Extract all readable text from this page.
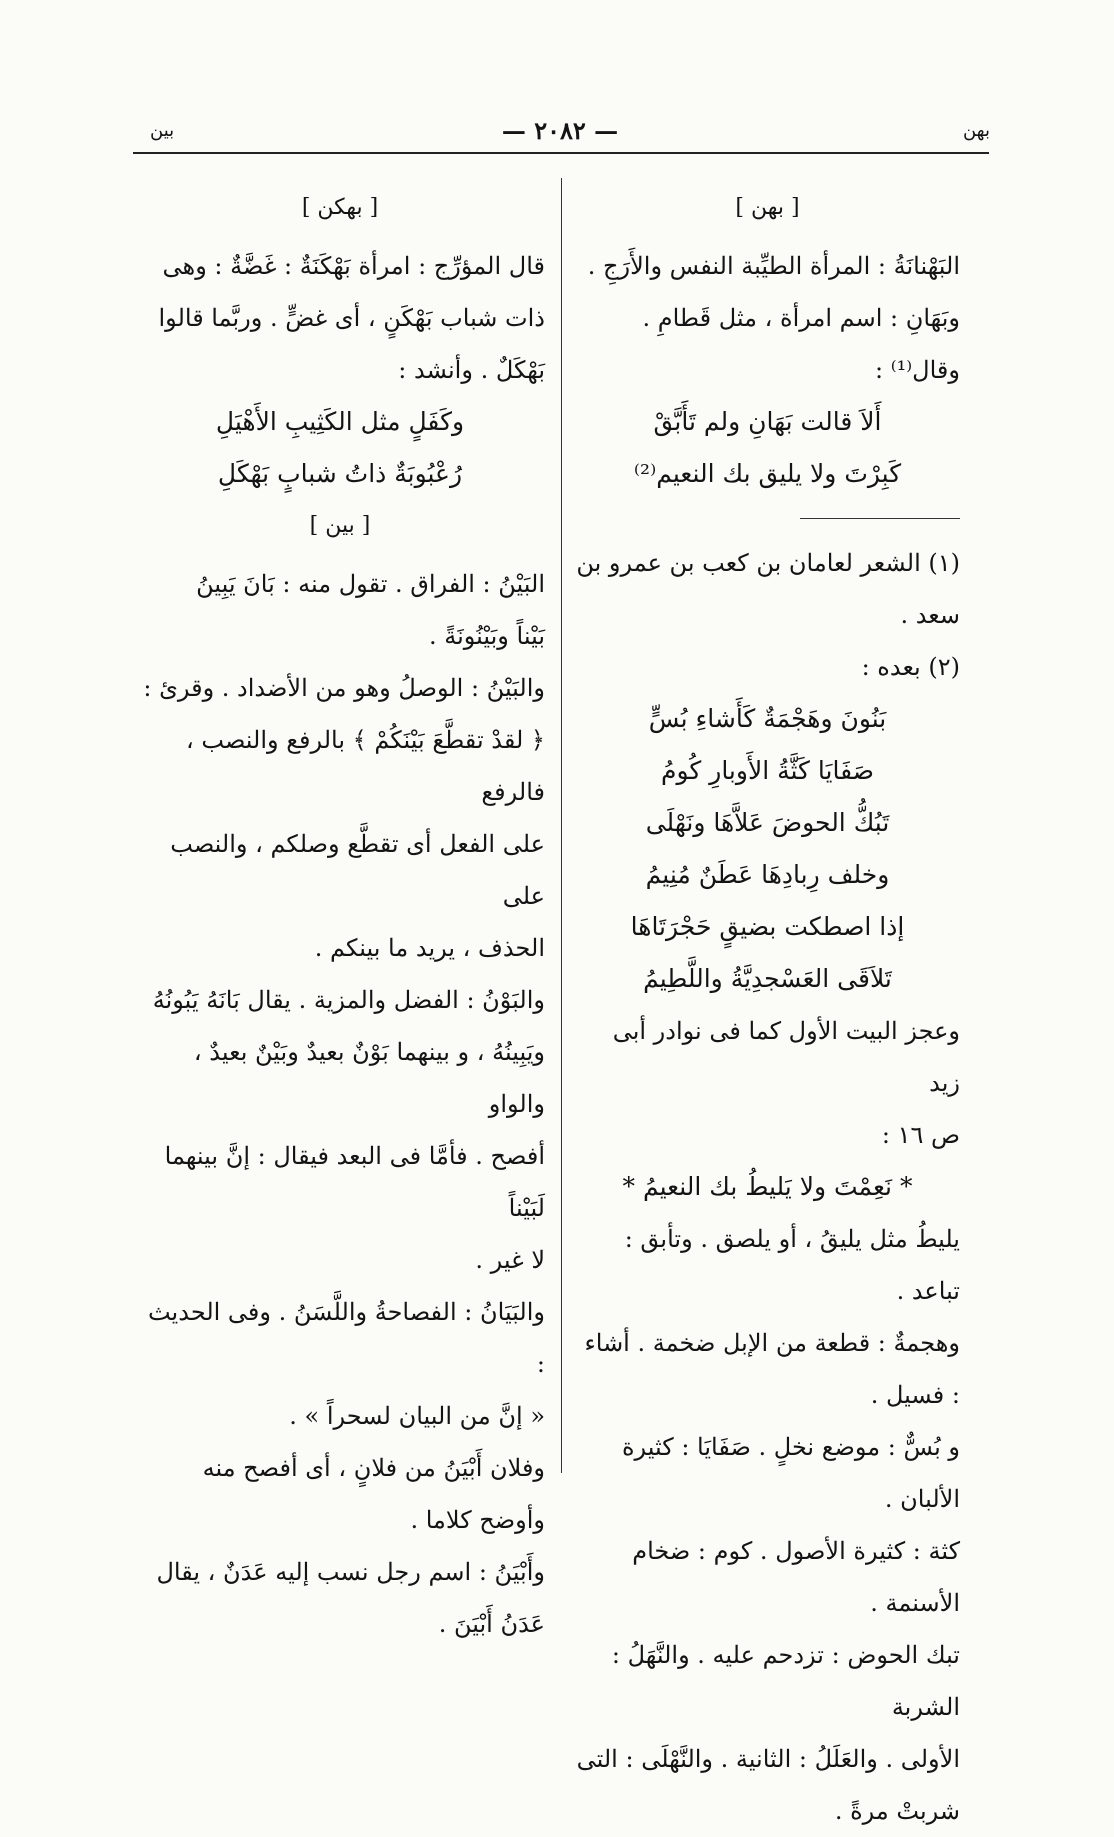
بهن
— ٢٠٨٢ —
بين
[ بهن ]

البَهْنانَةُ : المرأة الطيِّبة النفس والأَرَجِ .

وبَهَانِ : اسم امرأة ، مثل قَطامِ . وقال⁽¹⁾ :

أَلاَ قالت بَهَانِ ولم تَأَبَّقْ

كَبِرْتَ ولا يليق بك النعيم⁽²⁾

(١) الشعر لعامان بن كعب بن عمرو بن سعد .

(٢) بعده :

بَنُونَ وهَجْمَةٌ كَأَشاءِ بُسٍّ

صَفَايَا كَثَّةُ الأَوبارِ كُومُ

تَبُكُّ الحوضَ عَلاَّهَا ونَهْلَى

وخلف رِبادِهَا عَطَنٌ مُنِيمُ

إذا اصطكت بضيقٍ حَجْرَتَاهَا

تَلاَقَى العَسْجدِيَّةُ واللَّطِيمُ

وعجز البيت الأول كما فى نوادر أبى زيد

ص ١٦ :

* نَعِمْتَ ولا يَليطُ بك النعيمُ *

يليطُ مثل يليقُ ، أو يلصق . وتأبق : تباعد .

وهجمةٌ : قطعة من الإبل ضخمة . أشاء : فسيل .

و بُسٌّ : موضع نخلٍ . صَفَايَا : كثيرة الألبان .

كثة : كثيرة الأصول . كوم : ضخام الأسنمة .

تبك الحوض : تزدحم عليه . والنَّهَلُ : الشربة

الأولى . والعَلَلُ : الثانية . والنَّهْلَى : التى

شربتْ مرةً .

[ بهكن ]

قال المؤرِّج : امرأة بَهْكَنَةٌ : غَضَّةٌ : وهى

ذات شباب بَهْكَنٍ ، أى غضٍّ . وربَّما قالوا

بَهْكَلٌ . وأنشد :

وكَفَلٍ مثل الكَثِيبِ الأَهْيَلِ

رُعْبُوبَةٌ ذاتُ شبابٍ بَهْكَلِ

[ بين ]

البَيْنُ : الفراق . تقول منه : بَانَ يَبِينُ

بَيْناً وبَيْنُونَةً .

والبَيْنُ : الوصلُ وهو من الأضداد . وقرئ :

﴿ لقدْ تقطَّعَ بَيْنَكُمْ ﴾ بالرفع والنصب ، فالرفع

على الفعل أى تقطَّع وصلكم ، والنصب على

الحذف ، يريد ما بينكم .

والبَوْنُ : الفضل والمزية . يقال بَانَهُ يَبُونُهُ

ويَبِينُهُ ، و بينهما بَوْنٌ بعيدٌ وبَيْنٌ بعيدٌ ، والواو

أفصح . فأمَّا فى البعد فيقال : إنَّ بينهما لَبَيْناً

لا غير .

والبَيَانُ : الفصاحةُ واللَّسَنُ . وفى الحديث :

« إنَّ من البيان لسحراً » .

وفلان أَبْيَنُ من فلانٍ ، أى أفصح منه

وأوضح كلاما .

وأَبْيَنُ : اسم رجل نسب إليه عَدَنٌ ، يقال

عَدَنُ أَبْيَنَ .
